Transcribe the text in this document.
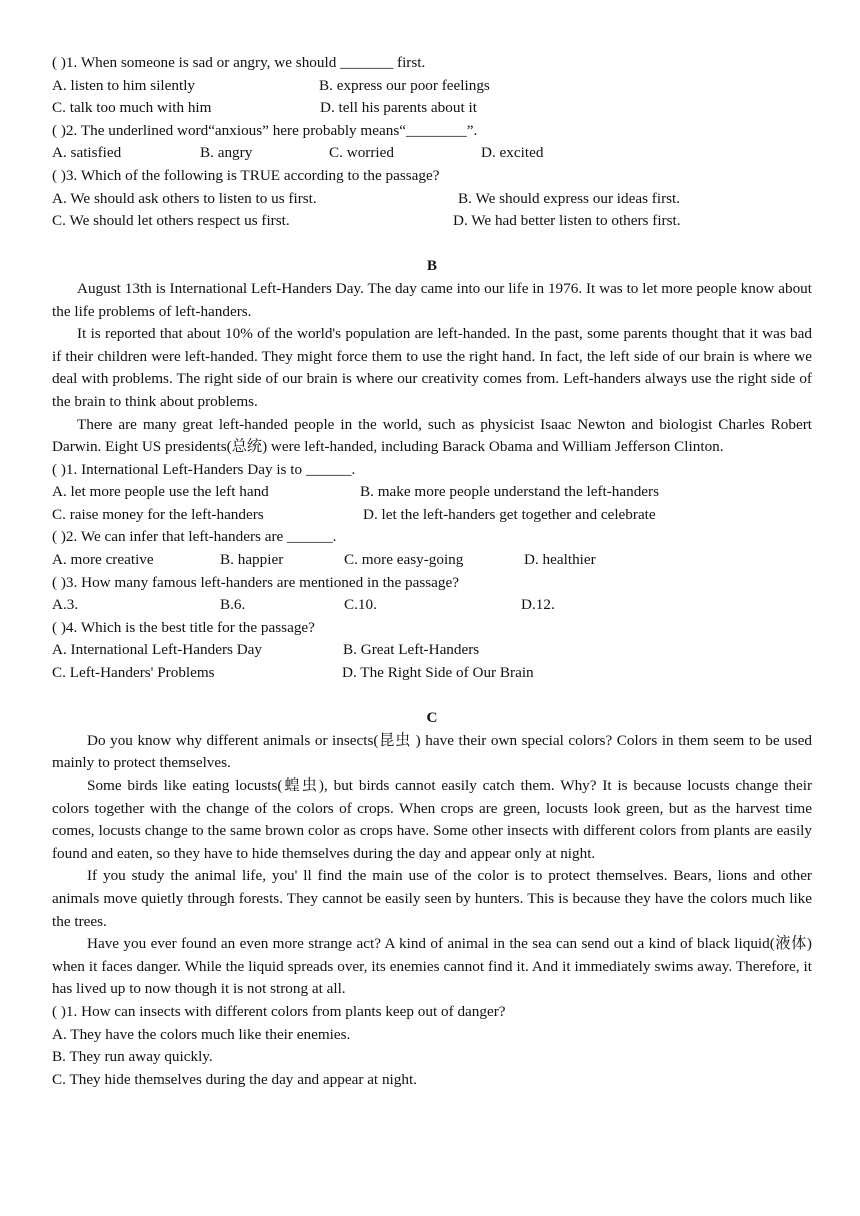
( )1. When someone is sad or angry, we should _______ first.
A. listen to him silently	B. express our poor feelings
C. talk too much with him	D. tell his parents about it
( )2. The underlined word“anxious” here probably means“________”.
A. satisfied	B. angry	C. worried	D. excited
( )3. Which of the following is TRUE according to the passage?
A. We should ask others to listen to us first.	B. We should express our ideas first.
C. We should let others respect us first.	D. We had better listen to others first.
B
August 13th is International Left-Handers Day. The day came into our life in 1976. It was to let more people know about the life problems of left-handers.
It is reported that about 10% of the world's population are left-handed. In the past, some parents thought that it was bad if their children were left-handed. They might force them to use the right hand. In fact, the left side of our brain is where we deal with problems. The right side of our brain is where our creativity comes from. Left-handers always use the right side of the brain to think about problems.
There are many great left-handed people in the world, such as physicist Isaac Newton and biologist Charles Robert Darwin. Eight US presidents(总统) were left-handed, including Barack Obama and William Jefferson Clinton.
( )1. International Left-Handers Day is to ______.
A. let more people use the left hand	B. make more people understand the left-handers
C. raise money for the left-handers	D. let the left-handers get together and celebrate
( )2. We can infer that left-handers are ______.
A. more creative	B. happier	C. more easy-going	D. healthier
( )3. How many famous left-handers are mentioned in the passage?
A.3.	B.6.	C.10.	D.12.
( )4. Which is the best title for the passage?
A. International Left-Handers Day	B. Great Left-Handers
C. Left-Handers' Problems	D. The Right Side of Our Brain
C
Do you know why different animals or insects(昆虫 ) have their own special colors? Colors in them seem to be used mainly to protect themselves.
Some birds like eating locusts(蝗虫), but birds cannot easily catch them. Why? It is because locusts change their colors together with the change of the colors of crops. When crops are green, locusts look green, but as the harvest time comes, locusts change to the same brown color as crops have. Some other insects with different colors from plants are easily found and eaten, so they have to hide themselves during the day and appear only at night.
If you study the animal life, you' ll find the main use of the color is to protect themselves. Bears, lions and other animals move quietly through forests. They cannot be easily seen by hunters. This is because they have the colors much like the trees.
Have you ever found an even more strange act? A kind of animal in the sea can send out a kind of black liquid(液体) when it faces danger. While the liquid spreads over, its enemies cannot find it. And it immediately swims away. Therefore, it has lived up to now though it is not strong at all.
( )1. How can insects with different colors from plants keep out of danger?
A. They have the colors much like their enemies.
B. They run away quickly.
C. They hide themselves during the day and appear at night.
